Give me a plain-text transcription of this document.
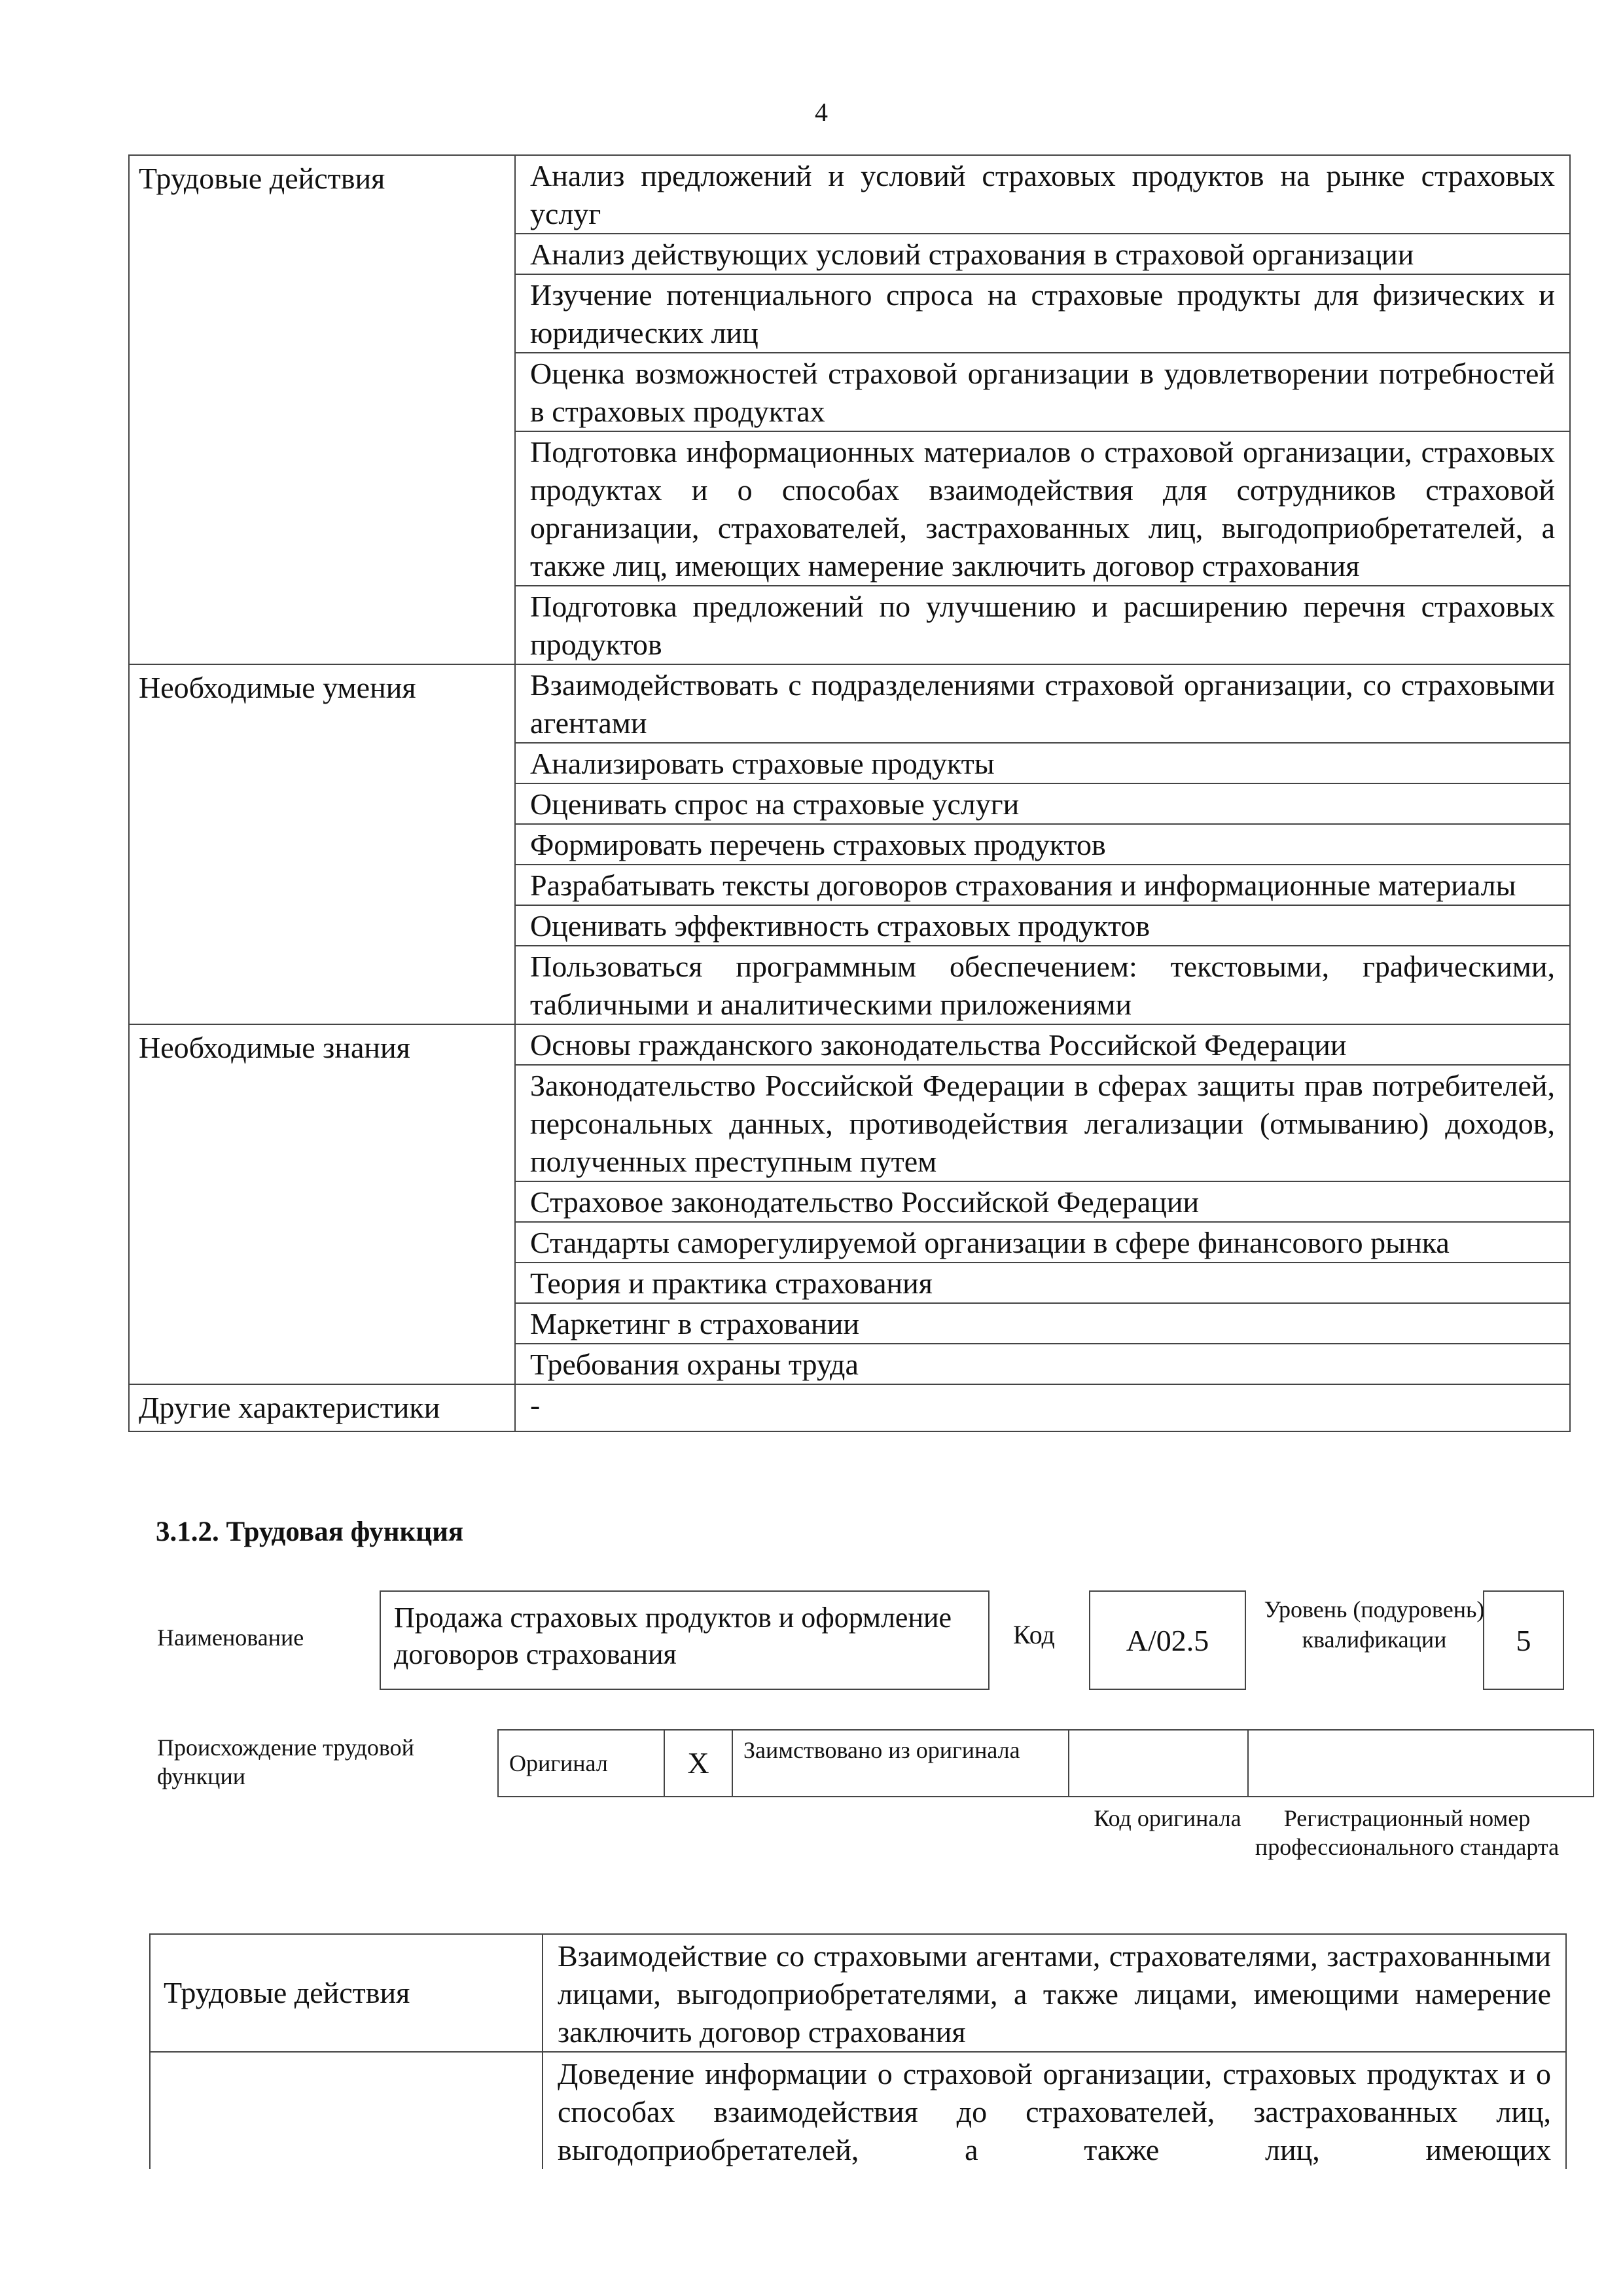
4
Трудовые действия	Анализ предложений и условий страховых продуктов на рынке страховых услуг
	Анализ действующих условий страхования в страховой организации
	Изучение потенциального спроса на страховые продукты для физических и юридических лиц
	Оценка возможностей страховой организации в удовлетворении потребностей в страховых продуктах
	Подготовка информационных материалов о страховой организации, страховых продуктах и о способах взаимодействия для сотрудников страховой организации, страхователей, застрахованных лиц, выгодоприобретателей, а также лиц, имеющих намерение заключить договор страхования
	Подготовка предложений по улучшению и расширению перечня страховых продуктов
Необходимые умения	Взаимодействовать с подразделениями страховой организации, со страховыми агентами
	Анализировать страховые продукты
	Оценивать спрос на страховые услуги
	Формировать перечень страховых продуктов
	Разрабатывать тексты договоров страхования и информационные материалы
	Оценивать эффективность страховых продуктов
	Пользоваться программным обеспечением: текстовыми, графическими, табличными и аналитическими приложениями
Необходимые знания	Основы гражданского законодательства Российской Федерации
	Законодательство Российской Федерации в сферах защиты прав потребителей, персональных данных, противодействия легализации (отмыванию) доходов, полученных преступным путем
	Страховое законодательство Российской Федерации
	Стандарты саморегулируемой организации в сфере финансового рынка
	Теория и практика страхования
	Маркетинг в страховании
	Требования охраны труда
Другие характеристики	-
3.1.2. Трудовая функция
Наименование
Продажа страховых продуктов и оформление договоров страхования
Код	А/02.5
Уровень (подуровень) квалификации	5
Происхождение трудовой функции	Оригинал	Х	Заимствовано из оригинала		
Код оригинала	Регистрационный номер профессионального стандарта
Трудовые действия	Взаимодействие со страховыми агентами, страхователями, застрахованными лицами, выгодоприобретателями, а также лицами, имеющими намерение заключить договор страхования
	Доведение информации о страховой организации, страховых продуктах и о способах взаимодействия до страхователей, застрахованных лиц, выгодоприобретателей, а также лиц, имеющих
